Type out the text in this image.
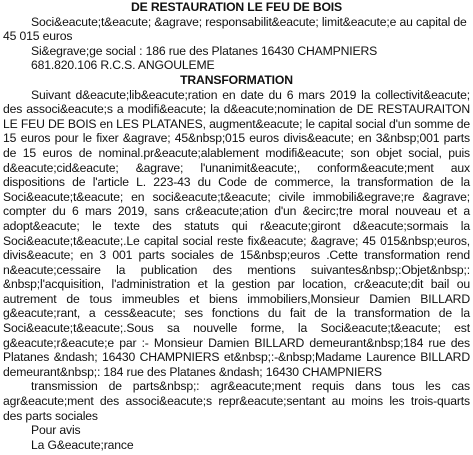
DE RESTAURATION LE FEU DE BOIS

Soci&eacute;t&eacute; &agrave; responsabilit&eacute; limit&eacute;e au capital de 45 015 euros

Si&egrave;ge social : 186 rue des Platanes 16430 CHAMPNIERS

681.820.106 R.C.S. ANGOULEME

TRANSFORMATION

Suivant d&eacute;lib&eacute;ration en date du 6 mars 2019 la collectivit&eacute; des associ&eacute;s a modifi&eacute; la d&eacute;nomination de DE RESTAURAITON LE FEU DE BOIS en LES PLATANES, augment&eacute; le capital social d'un somme de 15 euros pour le fixer &agrave; 45&nbsp;015 euros divis&eacute; en 3&nbsp;001 parts de 15 euros de nominal.pr&eacute;alablement modifi&eacute; son objet social, puis d&eacute;cid&eacute; &agrave; l'unanimit&eacute;, conform&eacute;ment aux dispositions de l'article L. 223-43 du Code de commerce, la transformation de la Soci&eacute;t&eacute; en soci&eacute;t&eacute; civile immobili&egrave;re &agrave; compter du 6 mars 2019, sans cr&eacute;ation d'un &ecirc;tre moral nouveau et a adopt&eacute; le texte des statuts qui r&eacute;giront d&eacute;sormais la Soci&eacute;t&eacute;.Le capital social reste fix&eacute; &agrave; 45 015&nbsp;euros, divis&eacute; en 3 001 parts sociales de 15&nbsp;euros .Cette transformation rend n&eacute;cessaire la publication des mentions suivantes&nbsp;:Objet&nbsp;: &nbsp;l'acquisition, l'administration et la gestion par location, cr&eacute;dit bail ou autrement de tous immeubles et biens immobiliers,Monsieur Damien BILLARD g&eacute;rant, a cess&eacute; ses fonctions du fait de la transformation de la Soci&eacute;t&eacute;.Sous sa nouvelle forme, la Soci&eacute;t&eacute; est g&eacute;r&eacute;e par :- Monsieur Damien BILLARD demeurant&nbsp;184 rue des Platanes &ndash; 16430 CHAMPNIERS et&nbsp;:-&nbsp;Madame Laurence BILLARD demeurant&nbsp;: 184 rue des Platanes &ndash; 16430 CHAMPNIERS

transmission de parts&nbsp;: agr&eacute;ment requis dans tous les cas agr&eacute;ment des associ&eacute;s repr&eacute;sentant au moins les trois-quarts des parts sociales

Pour avis

La G&eacute;rance
